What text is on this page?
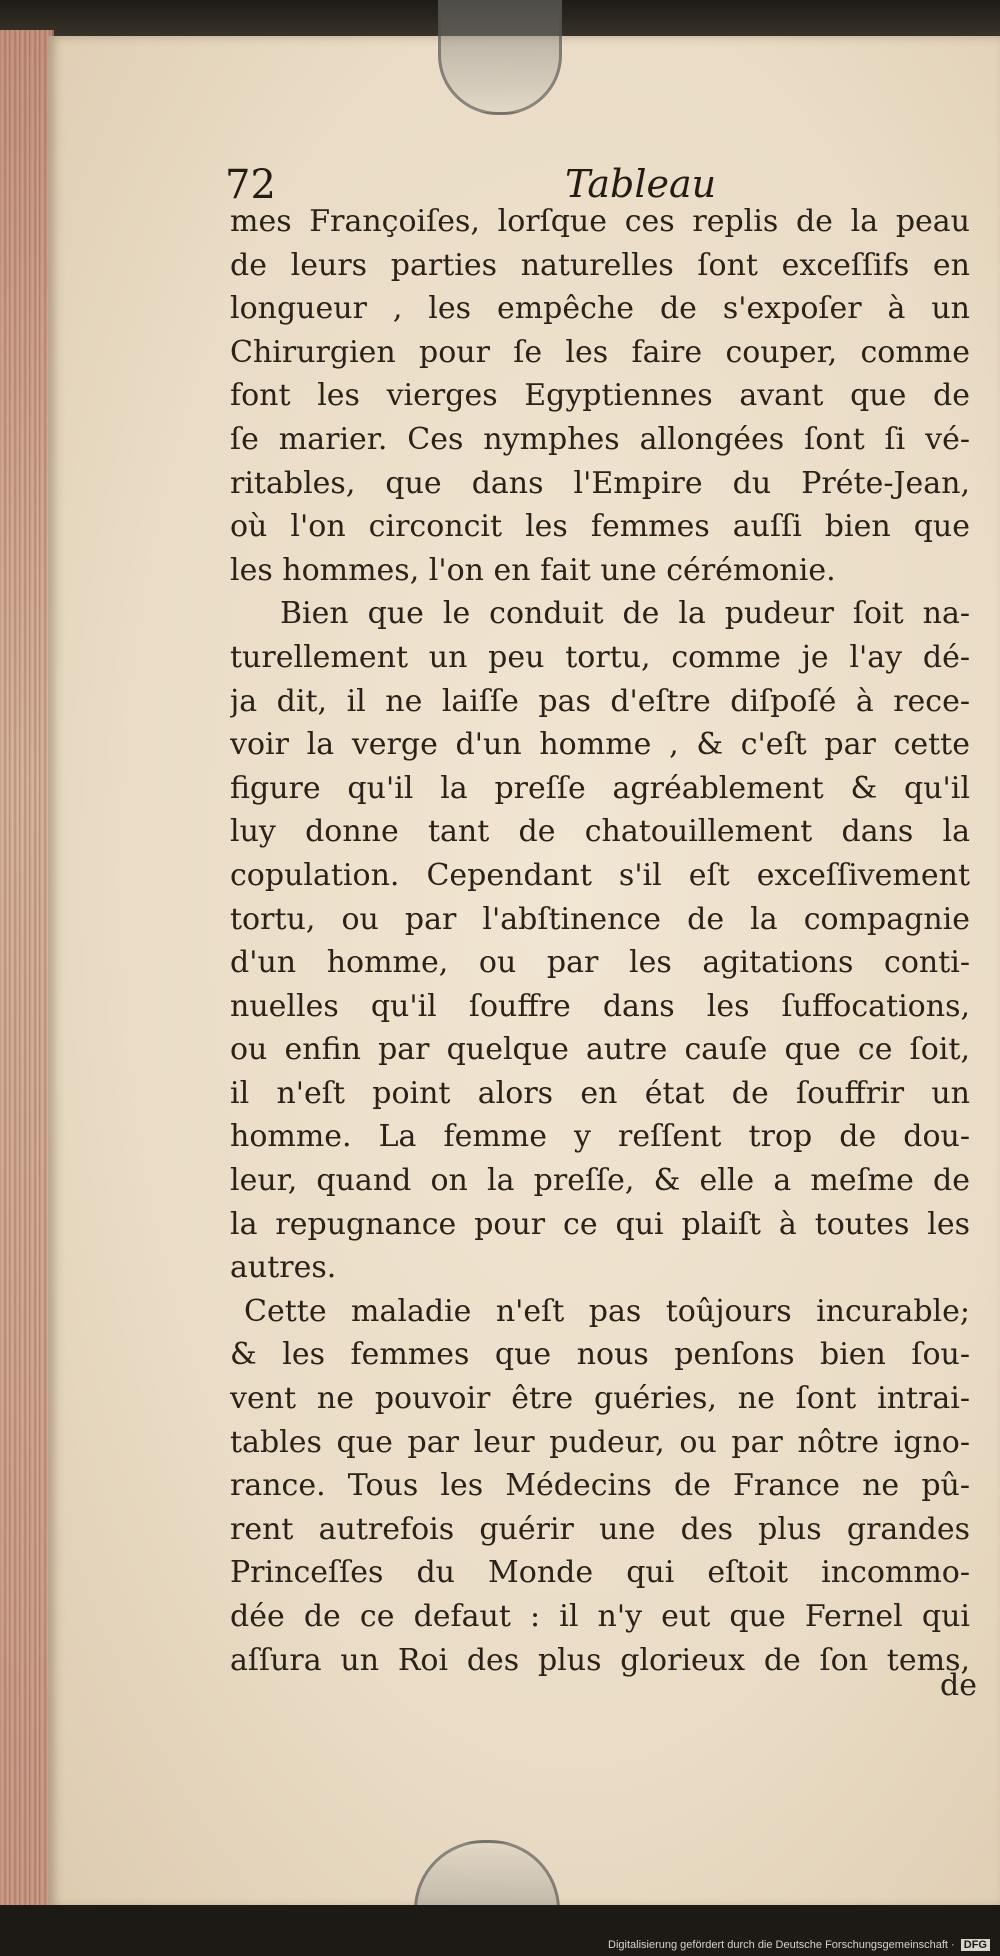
72	Tableau
mes Françoiſes, lorſque ces replis de la peau
de leurs parties naturelles ſont exceſſifs en
longueur , les empêche de s'expoſer à un
Chirurgien pour ſe les faire couper, comme
font les vierges Egyptiennes avant que de
ſe marier. Ces nymphes allongées ſont ſi vé-
ritables, que dans l'Empire du Préte-Jean,
où l'on circoncit les femmes auſſi bien que
les hommes, l'on en fait une cérémonie.
Bien que le conduit de la pudeur ſoit na-
turellement un peu tortu, comme je l'ay dé-
ja dit, il ne laiſſe pas d'eſtre diſpoſé à rece-
voir la verge d'un homme , & c'eſt par cette
figure qu'il la preſſe agréablement & qu'il
luy donne tant de chatouillement dans la
copulation. Cependant s'il eſt exceſſivement
tortu, ou par l'abſtinence de la compagnie
d'un homme, ou par les agitations conti-
nuelles qu'il ſouffre dans les ſuffocations,
ou enfin par quelque autre cauſe que ce ſoit,
il n'eſt point alors en état de ſouffrir un
homme. La femme y reſſent trop de dou-
leur, quand on la preſſe, & elle a meſme de
la repugnance pour ce qui plaiſt à toutes les
autres.
Cette maladie n'eſt pas toûjours incurable;
& les femmes que nous penſons bien ſou-
vent ne pouvoir être guéries, ne ſont intrai-
tables que par leur pudeur, ou par nôtre igno-
rance. Tous les Médecins de France ne pû-
rent autrefois guérir une des plus grandes
Princeſſes du Monde qui eſtoit incommo-
dée de ce defaut : il n'y eut que Fernel qui
aſſura un Roi des plus glorieux de ſon tems,
de
Digitalisierung gefördert durch die Deutsche Forschungsgemeinschaft · DFG
